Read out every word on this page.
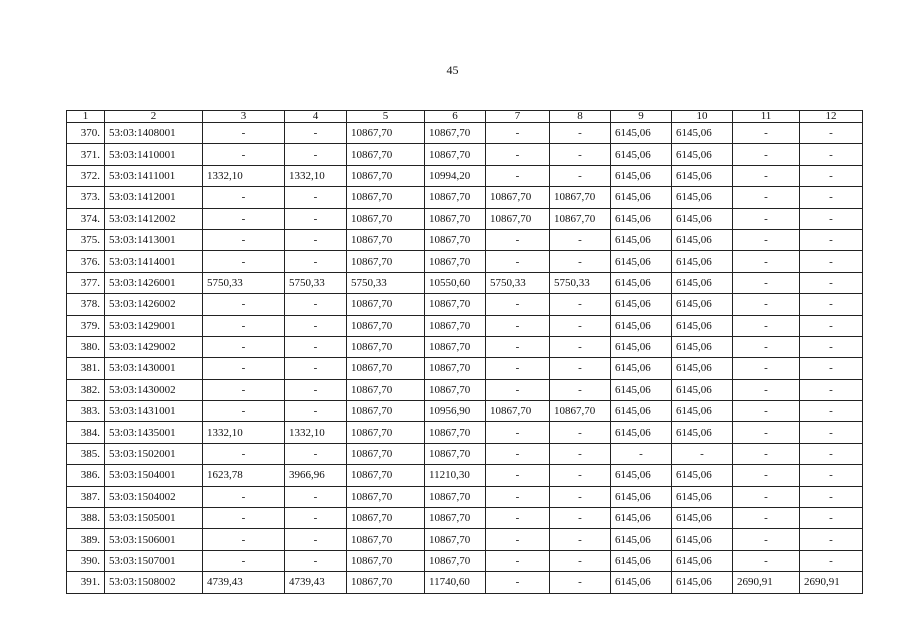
45
1	2	3	4	5	6	7	8	9	10	11	12
370.	53:03:1408001	-	-	10867,70	10867,70	-	-	6145,06	6145,06	-	-
371.	53:03:1410001	-	-	10867,70	10867,70	-	-	6145,06	6145,06	-	-
372.	53:03:1411001	1332,10	1332,10	10867,70	10994,20	-	-	6145,06	6145,06	-	-
373.	53:03:1412001	-	-	10867,70	10867,70	10867,70	10867,70	6145,06	6145,06	-	-
374.	53:03:1412002	-	-	10867,70	10867,70	10867,70	10867,70	6145,06	6145,06	-	-
375.	53:03:1413001	-	-	10867,70	10867,70	-	-	6145,06	6145,06	-	-
376.	53:03:1414001	-	-	10867,70	10867,70	-	-	6145,06	6145,06	-	-
377.	53:03:1426001	5750,33	5750,33	5750,33	10550,60	5750,33	5750,33	6145,06	6145,06	-	-
378.	53:03:1426002	-	-	10867,70	10867,70	-	-	6145,06	6145,06	-	-
379.	53:03:1429001	-	-	10867,70	10867,70	-	-	6145,06	6145,06	-	-
380.	53:03:1429002	-	-	10867,70	10867,70	-	-	6145,06	6145,06	-	-
381.	53:03:1430001	-	-	10867,70	10867,70	-	-	6145,06	6145,06	-	-
382.	53:03:1430002	-	-	10867,70	10867,70	-	-	6145,06	6145,06	-	-
383.	53:03:1431001	-	-	10867,70	10956,90	10867,70	10867,70	6145,06	6145,06	-	-
384.	53:03:1435001	1332,10	1332,10	10867,70	10867,70	-	-	6145,06	6145,06	-	-
385.	53:03:1502001	-	-	10867,70	10867,70	-	-	-	-	-	-
386.	53:03:1504001	1623,78	3966,96	10867,70	11210,30	-	-	6145,06	6145,06	-	-
387.	53:03:1504002	-	-	10867,70	10867,70	-	-	6145,06	6145,06	-	-
388.	53:03:1505001	-	-	10867,70	10867,70	-	-	6145,06	6145,06	-	-
389.	53:03:1506001	-	-	10867,70	10867,70	-	-	6145,06	6145,06	-	-
390.	53:03:1507001	-	-	10867,70	10867,70	-	-	6145,06	6145,06	-	-
391.	53:03:1508002	4739,43	4739,43	10867,70	11740,60	-	-	6145,06	6145,06	2690,91	2690,91
